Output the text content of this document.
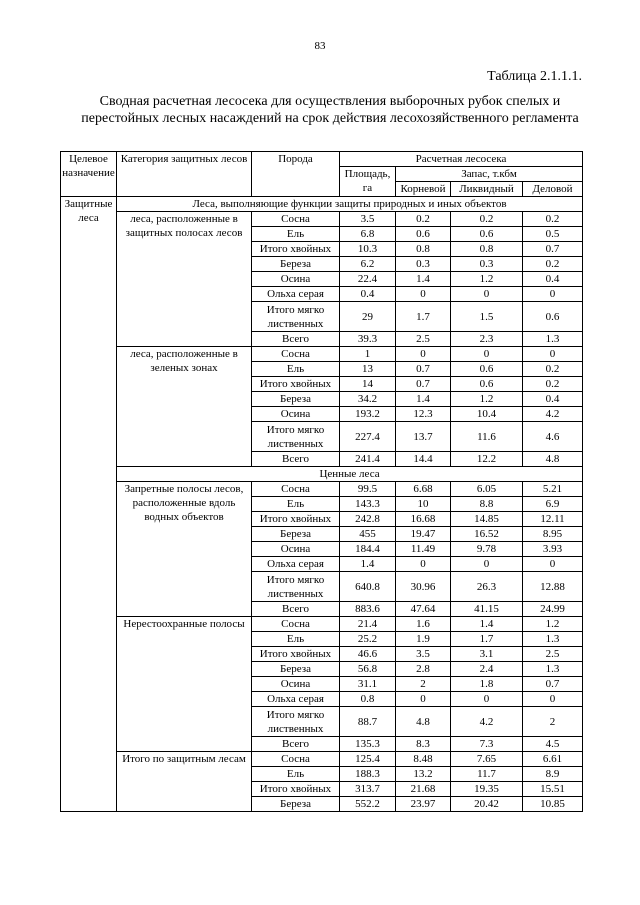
83
Таблица 2.1.1.1.
Сводная расчетная лесосека для осуществления выборочных рубок спелых и перестойных лесных насаждений на срок действия лесохозяйственного регламента
Целевое назначение	Категория защитных лесов	Порода	Расчетная лесосека			
			Площадь, га	Запас, т.кбм		
				Корневой	Ликвидный	Деловой
Защитные леса	Леса, выполняющие функции защиты природных и иных объектов					
	леса, расположенные в защитных полосах лесов	Сосна	3.5	0.2	0.2	0.2
		Ель	6.8	0.6	0.6	0.5
		Итого хвойных	10.3	0.8	0.8	0.7
		Береза	6.2	0.3	0.3	0.2
		Осина	22.4	1.4	1.2	0.4
		Ольха серая	0.4	0	0	0
		Итого мягко лиственных	29	1.7	1.5	0.6
		Всего	39.3	2.5	2.3	1.3
	леса, расположенные в зеленых зонах	Сосна	1	0	0	0
		Ель	13	0.7	0.6	0.2
		Итого хвойных	14	0.7	0.6	0.2
		Береза	34.2	1.4	1.2	0.4
		Осина	193.2	12.3	10.4	4.2
		Итого мягко лиственных	227.4	13.7	11.6	4.6
		Всего	241.4	14.4	12.2	4.8
	Ценные леса					
	Запретные полосы лесов, расположенные вдоль водных объектов	Сосна	99.5	6.68	6.05	5.21
		Ель	143.3	10	8.8	6.9
		Итого хвойных	242.8	16.68	14.85	12.11
		Береза	455	19.47	16.52	8.95
		Осина	184.4	11.49	9.78	3.93
		Ольха серая	1.4	0	0	0
		Итого мягко лиственных	640.8	30.96	26.3	12.88
		Всего	883.6	47.64	41.15	24.99
	Нерестоохранные полосы	Сосна	21.4	1.6	1.4	1.2
		Ель	25.2	1.9	1.7	1.3
		Итого хвойных	46.6	3.5	3.1	2.5
		Береза	56.8	2.8	2.4	1.3
		Осина	31.1	2	1.8	0.7
		Ольха серая	0.8	0	0	0
		Итого мягко лиственных	88.7	4.8	4.2	2
		Всего	135.3	8.3	7.3	4.5
	Итого по защитным лесам	Сосна	125.4	8.48	7.65	6.61
		Ель	188.3	13.2	11.7	8.9
		Итого хвойных	313.7	21.68	19.35	15.51
		Береза	552.2	23.97	20.42	10.85
